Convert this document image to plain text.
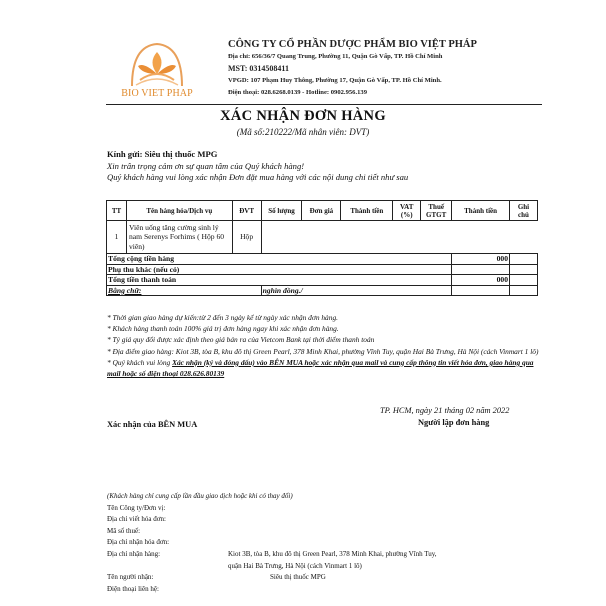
BIO VIET PHAP
CÔNG TY CỔ PHẦN DƯỢC PHẨM BIO VIỆT PHÁP
Địa chỉ: 656/36/7 Quang Trung, Phường 11, Quận Gò Vấp, TP. Hồ Chí Minh
MST: 0314508411
VPGD: 107 Phạm Huy Thông, Phường 17, Quận Gò Vấp, TP. Hồ Chí Minh.
Điện thoại: 028.6268.0139 - Hotline: 0902.956.139
XÁC NHẬN ĐƠN HÀNG
(Mã số:210222/Mã nhân viên: DVT)
Kính gửi: Siêu thị thuốc MPG
Xin trân trọng cảm ơn sự quan tâm của Quý khách hàng!
Quý khách hàng vui lòng xác nhận Đơn đặt mua hàng với các nội dung chi tiết như sau
TT	Tên hàng hóa/Dịch vụ	ĐVT	Số lượng	Đơn giá	Thành tiền	VAT (%)	Thuế GTGT	Thành tiền	Ghi chú
1	Viên uống tăng cường sinh lý nam Serenys Forhims ( Hộp 60 viên)	Hộp							
Tổng cộng tiền hàng								000	
Phụ thu khác (nếu có)									
Tổng tiền thanh toán								000	
Bằng chữ:			nghìn đồng./						
* Thời gian giao hàng dự kiến:từ 2 đến 3 ngày kể từ ngày xác nhận đơn hàng.
* Khách hàng thanh toán 100% giá trị đơn hàng ngay khi xác nhận đơn hàng.
* Tỷ giá quy đổi được xác định theo giá bán ra của Vietcom Bank tại thời điểm thanh toán
* Địa điểm giao hàng: Kiot 3B, tòa B, khu đô thị Green Pearl, 378 Minh Khai, phường Vĩnh Tuy, quận Hai Bà Trưng, Hà Nội (cách Vinmart 1 lô)
* Quý khách vui lòng Xác nhận (ký và đóng dấu) vào BÊN MUA hoặc xác nhận qua mail và cung cấp thông tin viết hóa đơn, giao hàng qua mail hoặc số điện thoại 028.626.80139
TP. HCM, ngày 21 tháng 02 năm 2022
Xác nhận của BÊN MUA	Người lập đơn hàng
(Khách hàng chỉ cung cấp lần đầu giao dịch hoặc khi có thay đổi)
Tên Công ty/Đơn vị:
Địa chỉ viết hóa đơn:
Mã số thuế:
Địa chỉ nhận hóa đơn:
Địa chỉ nhận hàng:	Kiot 3B, tòa B, khu đô thị Green Pearl, 378 Minh Khai, phường Vĩnh Tuy,
quận Hai Bà Trưng, Hà Nội (cách Vinmart 1 lô)
Tên người nhận:	Siêu thị thuốc MPG
Điện thoại liên hệ:
